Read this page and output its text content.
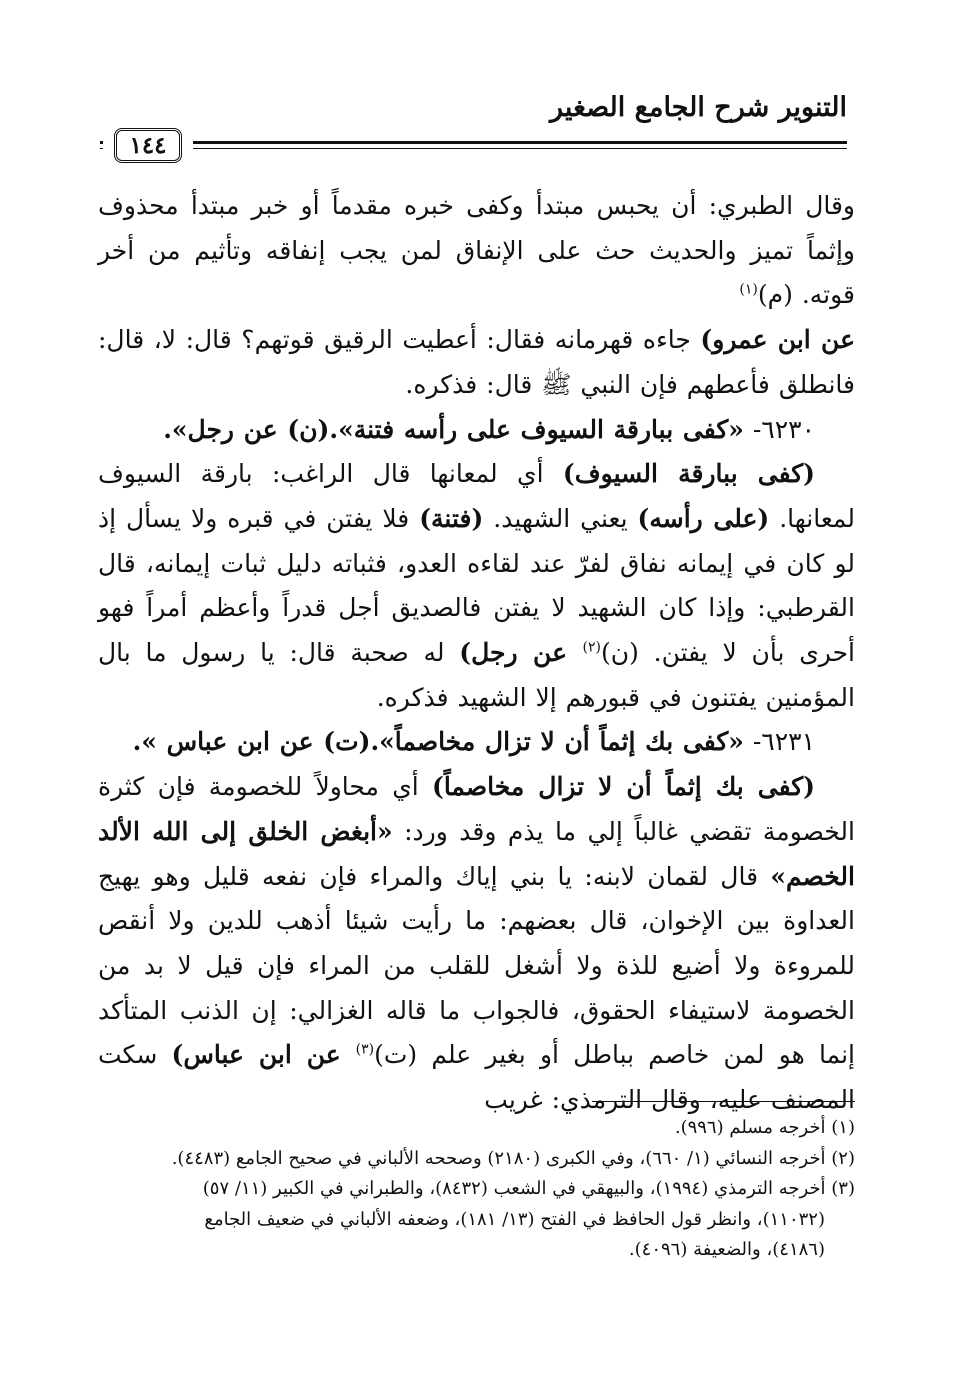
التنوير شرح الجامع الصغير
١٤٤

وقال الطبري: أن يحبس مبتدأ وكفى خبره مقدماً أو خبر مبتدأ محذوف وإثماً تميز والحديث حث على الإنفاق لمن يجب إنفاقه وتأثيم من أخر قوته. (م)$^{(١)}$
عن ابن عمرو) جاءه قهرمانه فقال: أعطيت الرقيق قوتهم؟ قال: لا، قال: فانطلق فأعطهم فإن النبي ﷺ قال: فذكره.

٦٢٣٠- «كفى ببارقة السيوف على رأسه فتنة».(ن) عن رجل».

(كفى ببارقة السيوف) أي لمعانها قال الراغب: بارقة السيوف لمعانها. (على رأسه) يعني الشهيد. (فتنة) فلا يفتن في قبره ولا يسأل إذ لو كان في إيمانه نفاق لفرّ عند لقاءه العدو، فثباته دليل ثبات إيمانه، قال القرطبي: وإذا كان الشهيد لا يفتن فالصديق أجل قدراً وأعظم أمراً فهو أحرى بأن لا يفتن. (ن)$^{(٢)}$ عن رجل) له صحبة قال: يا رسول ما بال المؤمنين يفتنون في قبورهم إلا الشهيد فذكره.

٦٢٣١- «كفى بك إثماً أن لا تزال مخاصماً».(ت) عن ابن عباس ».

(كفى بك إثماً أن لا تزال مخاصماً) أي محاولاً للخصومة فإن كثرة الخصومة تقضي غالباً إلي ما يذم وقد ورد: «أبغض الخلق إلى الله الألد الخصم» قال لقمان لابنه: يا بني إياك والمراء فإن نفعه قليل وهو يهيج العداوة بين الإخوان، قال بعضهم: ما رأيت شيئا أذهب للدين ولا أنقص للمروءة ولا أضيع للذة ولا أشغل للقلب من المراء فإن قيل لا بد من الخصومة لاستيفاء الحقوق، فالجواب ما قاله الغزالي: إن الذنب المتأكد إنما هو لمن خاصم بباطل أو بغير علم (ت)$^{(٣)}$ عن ابن عباس) سكت المصنف عليه، وقال الترمذي: غريب

(١) أخرجه مسلم (٩٩٦).

(٢) أخرجه النسائي (١/ ٦٦٠)، وفي الكبرى (٢١٨٠) وصححه الألباني في صحيح الجامع (٤٤٨٣).

(٣) أخرجه الترمذي (١٩٩٤)، والبيهقي في الشعب (٨٤٣٢)، والطبراني في الكبير (١١/ ٥٧)

(١١٠٣٢)، وانظر قول الحافظ في الفتح (١٣/ ١٨١)، وضعفه الألباني في ضعيف الجامع

(٤١٨٦)، والضعيفة (٤٠٩٦).
